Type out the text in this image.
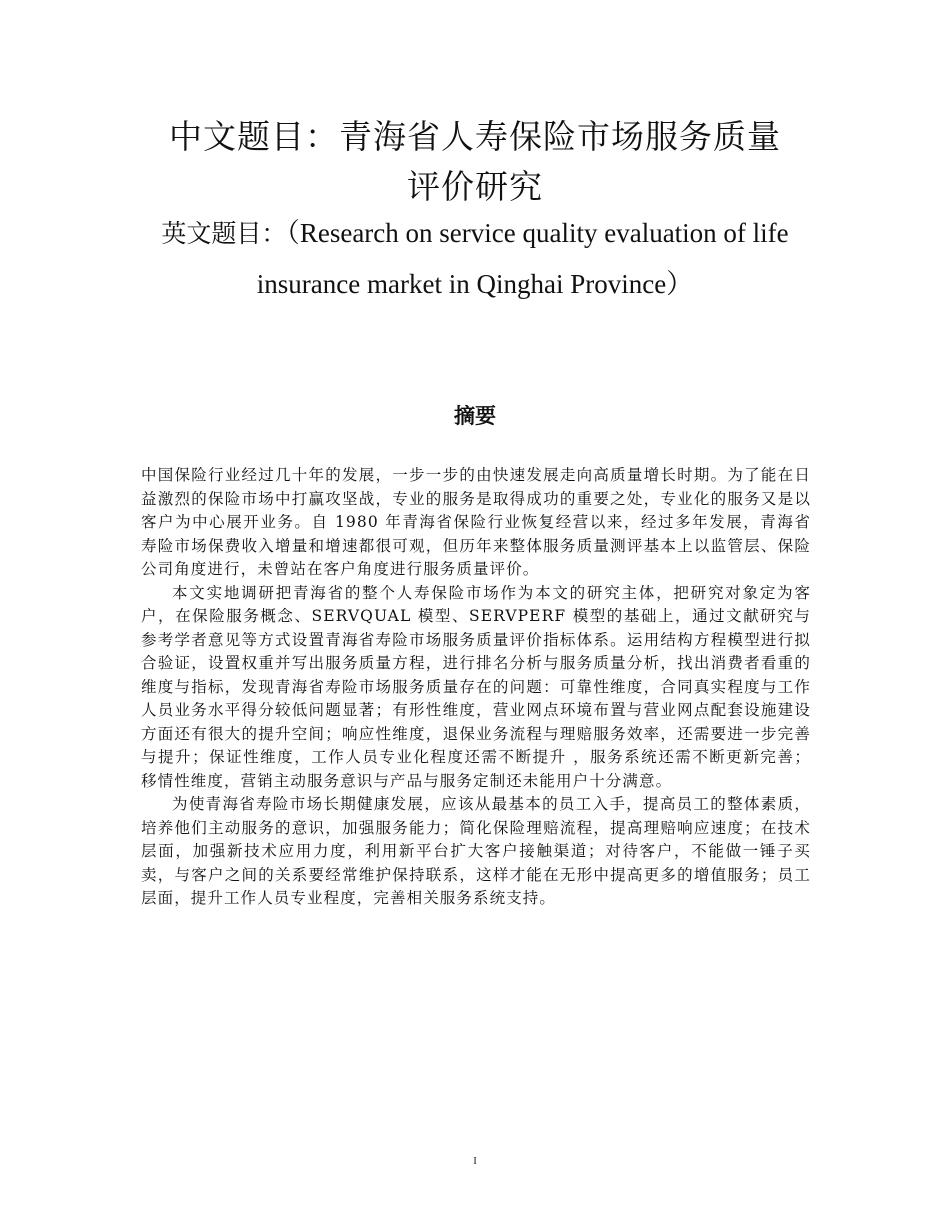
中文题目：青海省人寿保险市场服务质量
评价研究
英文题目：（Research on service quality evaluation of life insurance market in Qinghai Province）
摘要

中国保险行业经过几十年的发展，一步一步的由快速发展走向高质量增长时期。为了能在日益激烈的保险市场中打赢攻坚战，专业的服务是取得成功的重要之处，专业化的服务又是以客户为中心展开业务。自 1980 年青海省保险行业恢复经营以来，经过多年发展，青海省寿险市场保费收入增量和增速都很可观，但历年来整体服务质量测评基本上以监管层、保险公司角度进行，未曾站在客户角度进行服务质量评价。

本文实地调研把青海省的整个人寿保险市场作为本文的研究主体，把研究对象定为客户，在保险服务概念、SERVQUAL 模型、SERVPERF 模型的基础上，通过文献研究与参考学者意见等方式设置青海省寿险市场服务质量评价指标体系。运用结构方程模型进行拟合验证，设置权重并写出服务质量方程，进行排名分析与服务质量分析，找出消费者看重的维度与指标，发现青海省寿险市场服务质量存在的问题：可靠性维度，合同真实程度与工作人员业务水平得分较低问题显著；有形性维度，营业网点环境布置与营业网点配套设施建设方面还有很大的提升空间；响应性维度，退保业务流程与理赔服务效率，还需要进一步完善与提升；保证性维度，工作人员专业化程度还需不断提升 ，服务系统还需不断更新完善；移情性维度，营销主动服务意识与产品与服务定制还未能用户十分满意。

为使青海省寿险市场长期健康发展，应该从最基本的员工入手，提高员工的整体素质，培养他们主动服务的意识，加强服务能力；简化保险理赔流程，提高理赔响应速度；在技术层面，加强新技术应用力度，利用新平台扩大客户接触渠道；对待客户，不能做一锤子买卖，与客户之间的关系要经常维护保持联系，这样才能在无形中提高更多的增值服务；员工层面，提升工作人员专业程度，完善相关服务系统支持。

I
